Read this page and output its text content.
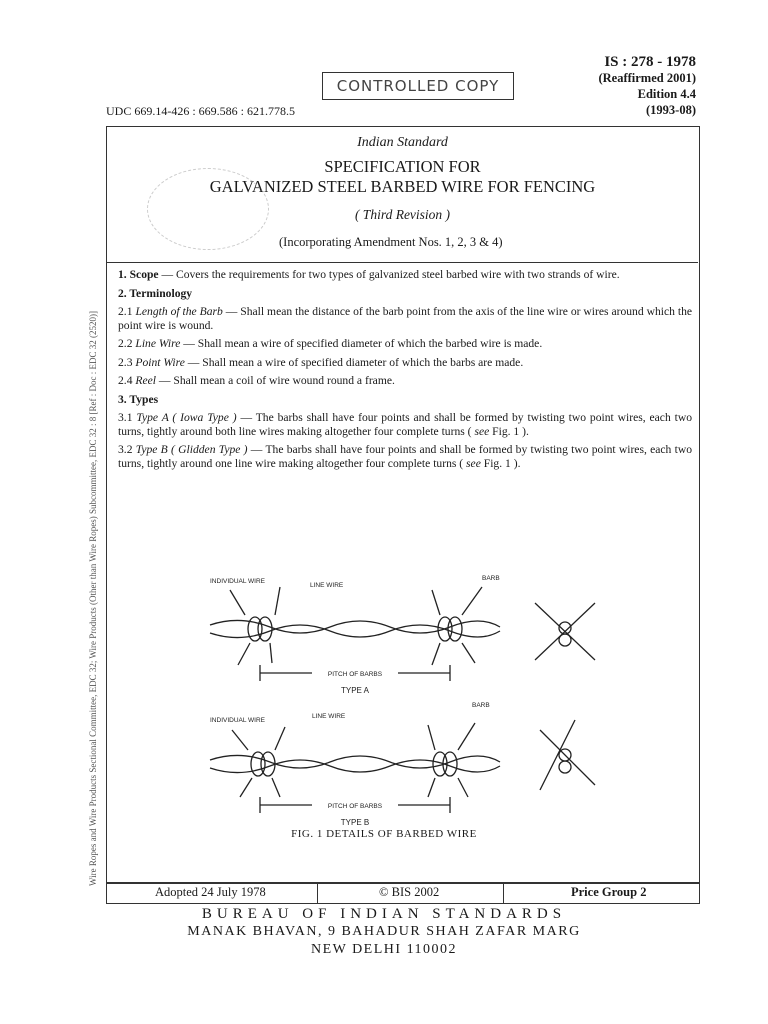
CONTROLLED COPY
IS : 278 - 1978
(Reaffirmed 2001)
Edition 4.4
(1993-08)
UDC 669.14-426 : 669.586 : 621.778.5
Wire Ropes and Wire Products Sectional Committee, EDC 32; Wire Products (Other than Wire Ropes) Subcommittee, EDC 32 : 8 [Ref : Doc : EDC 32 (2520)]
Indian Standard
SPECIFICATION FOR
GALVANIZED STEEL BARBED WIRE FOR FENCING
( Third Revision )
(Incorporating Amendment Nos. 1, 2, 3 & 4)

1. Scope — Covers the requirements for two types of galvanized steel barbed wire with two strands of wire.

2. Terminology

2.1 Length of the Barb — Shall mean the distance of the barb point from the axis of the line wire or wires around which the point wire is wound.

2.2 Line Wire — Shall mean a wire of specified diameter of which the barbed wire is made.

2.3 Point Wire — Shall mean a wire of specified diameter of which the barbs are made.

2.4 Reel — Shall mean a coil of wire wound round a frame.

3. Types

3.1 Type A ( Iowa Type ) — The barbs shall have four points and shall be formed by twisting two point wires, each two turns, tightly around both line wires making altogether four complete turns ( see Fig. 1 ).

3.2 Type B ( Glidden Type ) — The barbs shall have four points and shall be formed by twisting two point wires, each two turns, tightly around one line wire making altogether four complete turns ( see Fig. 1 ).

PITCH OF BARBS
TYPE A
INDIVIDUAL WIRE
LINE WIRE
BARB
PITCH OF BARBS
TYPE B
INDIVIDUAL WIRE
LINE WIRE
BARB
FIG. 1 DETAILS OF BARBED WIRE
Adopted 24 July 1978	© BIS 2002	Price Group 2
BUREAU OF INDIAN STANDARDS
MANAK BHAVAN, 9 BAHADUR SHAH ZAFAR MARG
NEW DELHI 110002
